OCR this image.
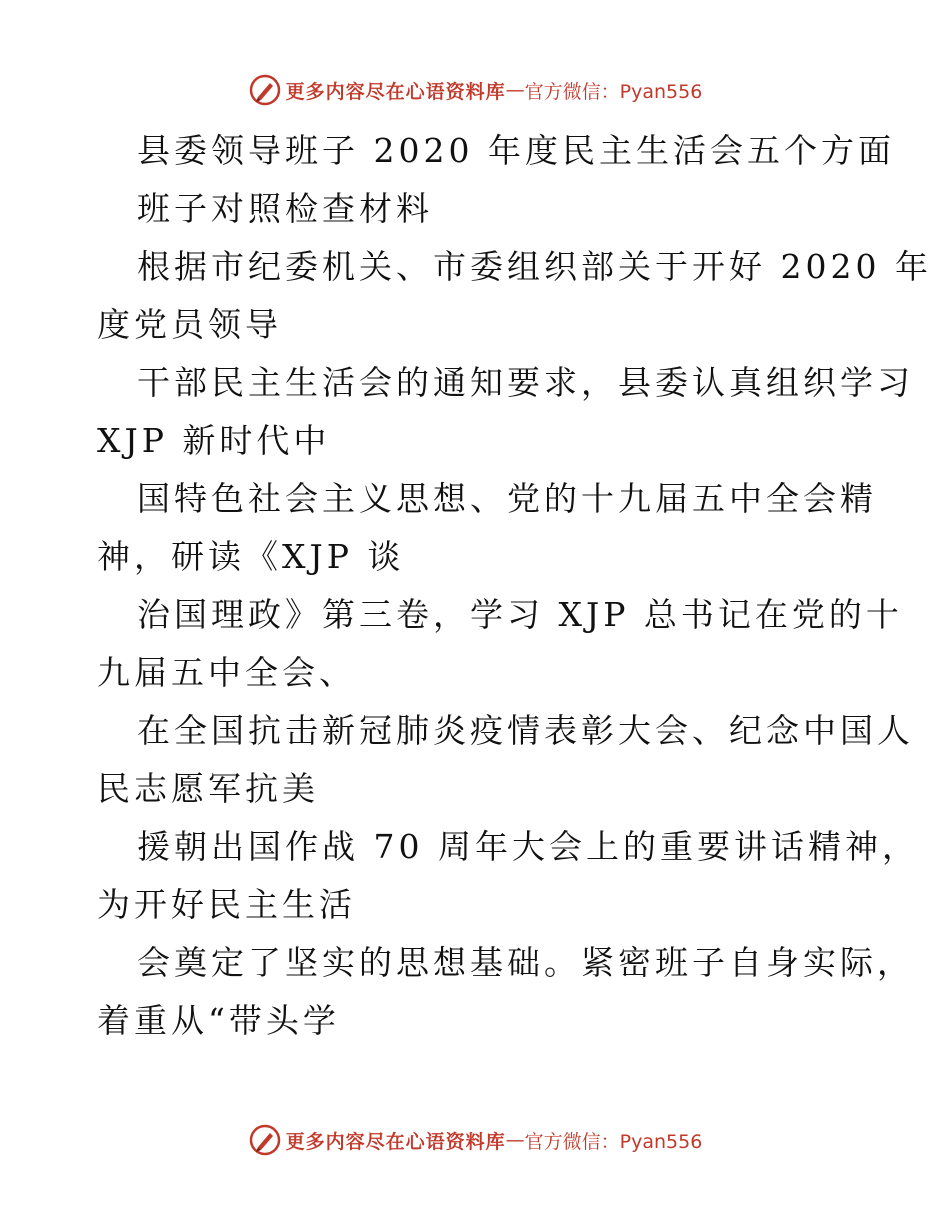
更多内容尽在心语资料库 — 官方微信：Pyan556
县委领导班子 2020 年度民主生活会五个方面
班子对照检查材料
根据市纪委机关、市委组织部关于开好 2020 年
度党员领导
干部民主生活会的通知要求，县委认真组织学习
XJP 新时代中
国特色社会主义思想、党的十九届五中全会精
神，研读《XJP 谈
治国理政》第三卷，学习 XJP 总书记在党的十
九届五中全会、
在全国抗击新冠肺炎疫情表彰大会、纪念中国人
民志愿军抗美
援朝出国作战 70 周年大会上的重要讲话精神，
为开好民主生活
会奠定了坚实的思想基础。紧密班子自身实际，
着重从“带头学
更多内容尽在心语资料库 — 官方微信：Pyan556
